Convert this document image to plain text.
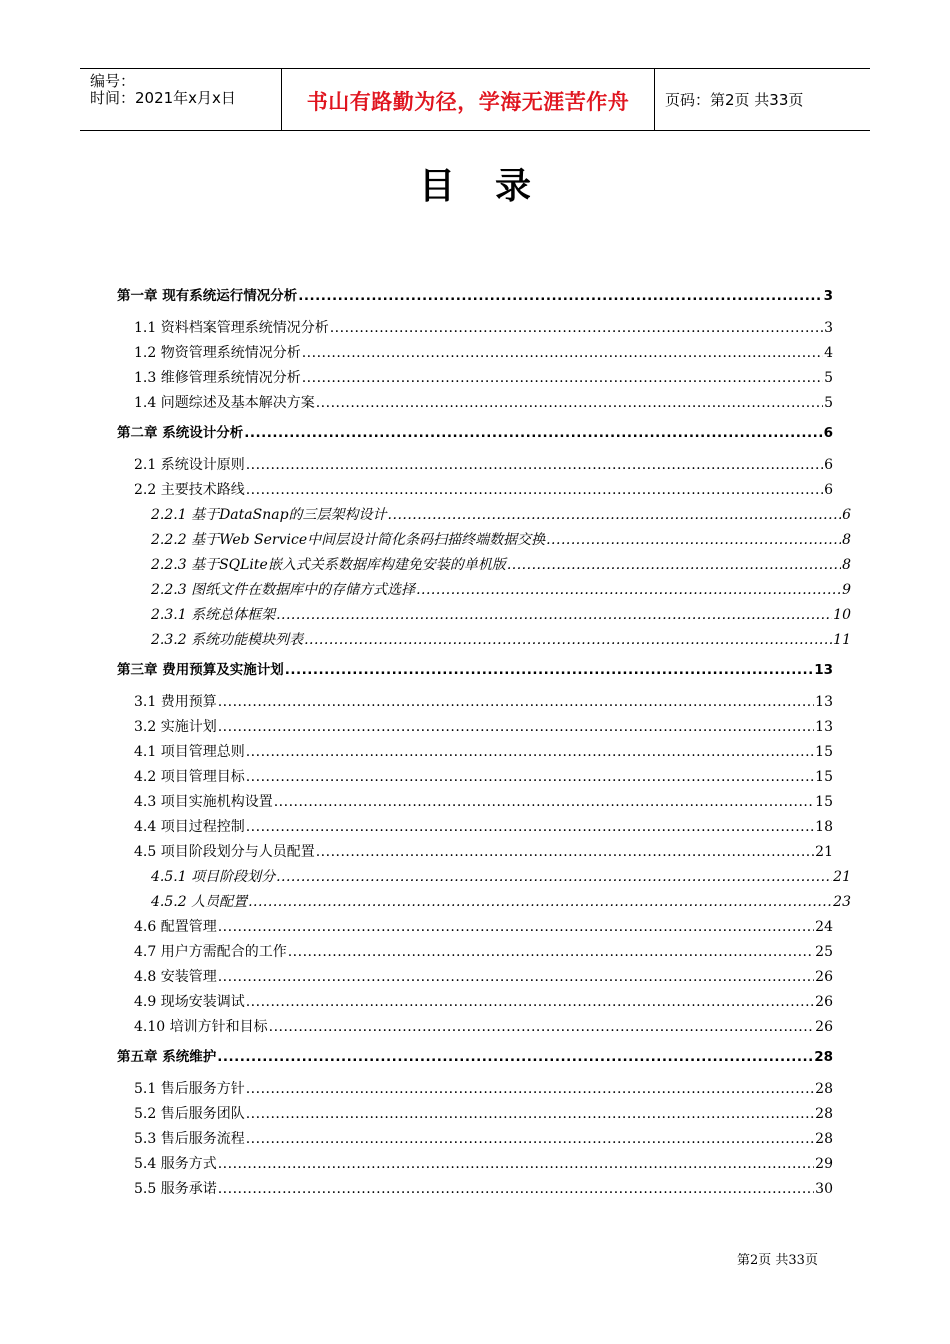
编号：
时间：2021年x月x日	书山有路勤为径，学海无涯苦作舟	页码：第2页 共33页
目录
第一章 现有系统运行情况分析 .....	3
1.1 资料档案管理系统情况分析 .....	3
1.2 物资管理系统情况分析 .....	4
1.3 维修管理系统情况分析 .....	5
1.4 问题综述及基本解决方案 .....	5
第二章 系统设计分析 .....	6
2.1 系统设计原则 .....	6
2.2 主要技术路线 .....	6
2.2.1 基于DataSnap的三层架构设计 .....	6
2.2.2 基于Web Service中间层设计简化条码扫描终端数据交换 .....	8
2.2.3 基于SQLite嵌入式关系数据库构建免安装的单机版 .....	8
2.2.3 图纸文件在数据库中的存储方式选择 .....	9
2.3.1 系统总体框架 .....	10
2.3.2 系统功能模块列表 .....	11
第三章 费用预算及实施计划 .....	13
3.1 费用预算 .....	13
3.2 实施计划 .....	13
4.1 项目管理总则 .....	15
4.2 项目管理目标 .....	15
4.3 项目实施机构设置 .....	15
4.4 项目过程控制 .....	18
4.5 项目阶段划分与人员配置 .....	21
4.5.1 项目阶段划分 .....	21
4.5.2 人员配置 .....	23
4.6 配置管理 .....	24
4.7 用户方需配合的工作 .....	25
4.8 安装管理 .....	26
4.9 现场安装调试 .....	26
4.10 培训方针和目标 .....	26
第五章 系统维护 .....	28
5.1 售后服务方针 .....	28
5.2 售后服务团队 .....	28
5.3 售后服务流程 .....	28
5.4 服务方式 .....	29
5.5 服务承诺 .....	30
第2页 共33页
